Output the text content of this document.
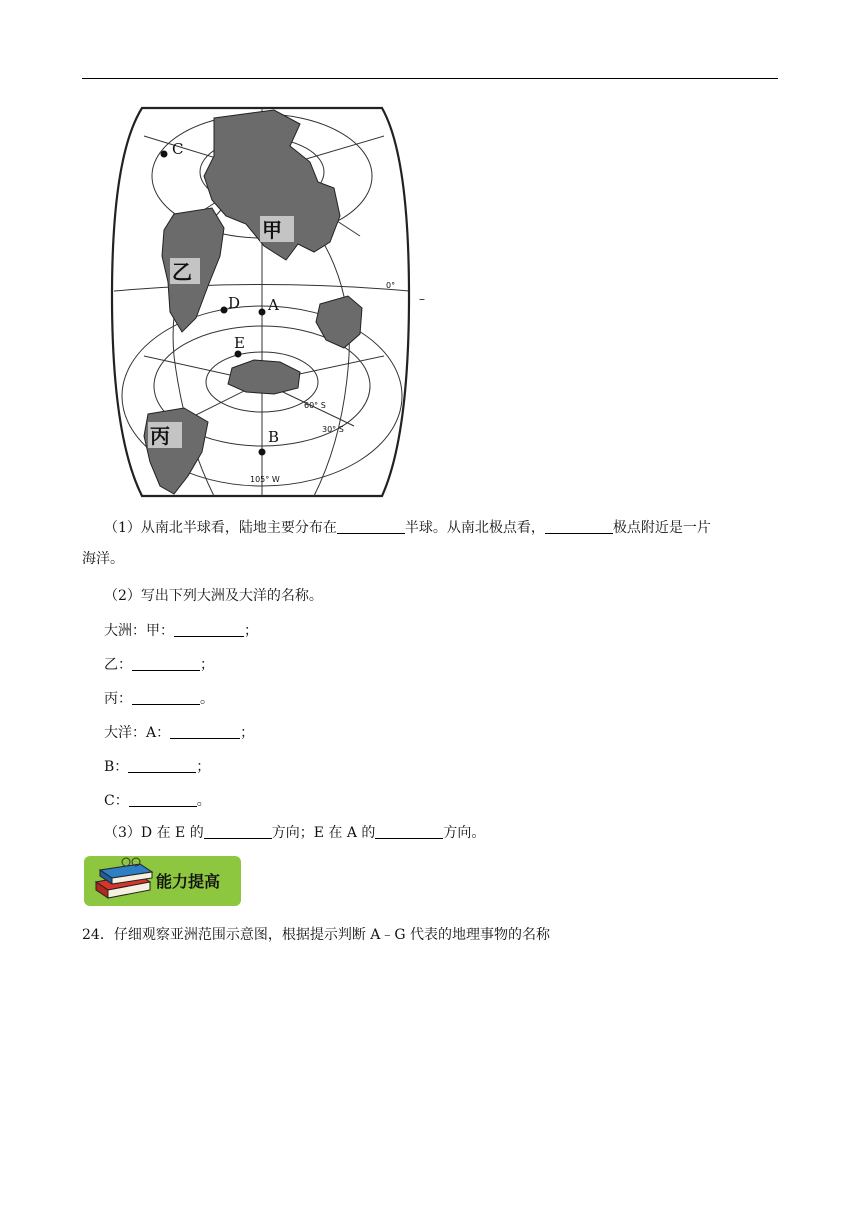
C
D A
E
B
甲
乙
丙
60° S
30° S
105° W
0°
–
（1）从南北半球看，陆地主要分布在	半球。从南北极点看，	极点附近是一片
海洋。
（2）写出下列大洲及大洋的名称。
大洲：甲：	；
乙：	；
丙：	。
大洋：A：	；
B：	；
C：	。
（3）D 在 E 的	方向；E 在 A 的	方向。
能力提高
24．仔细观察亚洲范围示意图，根据提示判断 A﹣G 代表的地理事物的名称
